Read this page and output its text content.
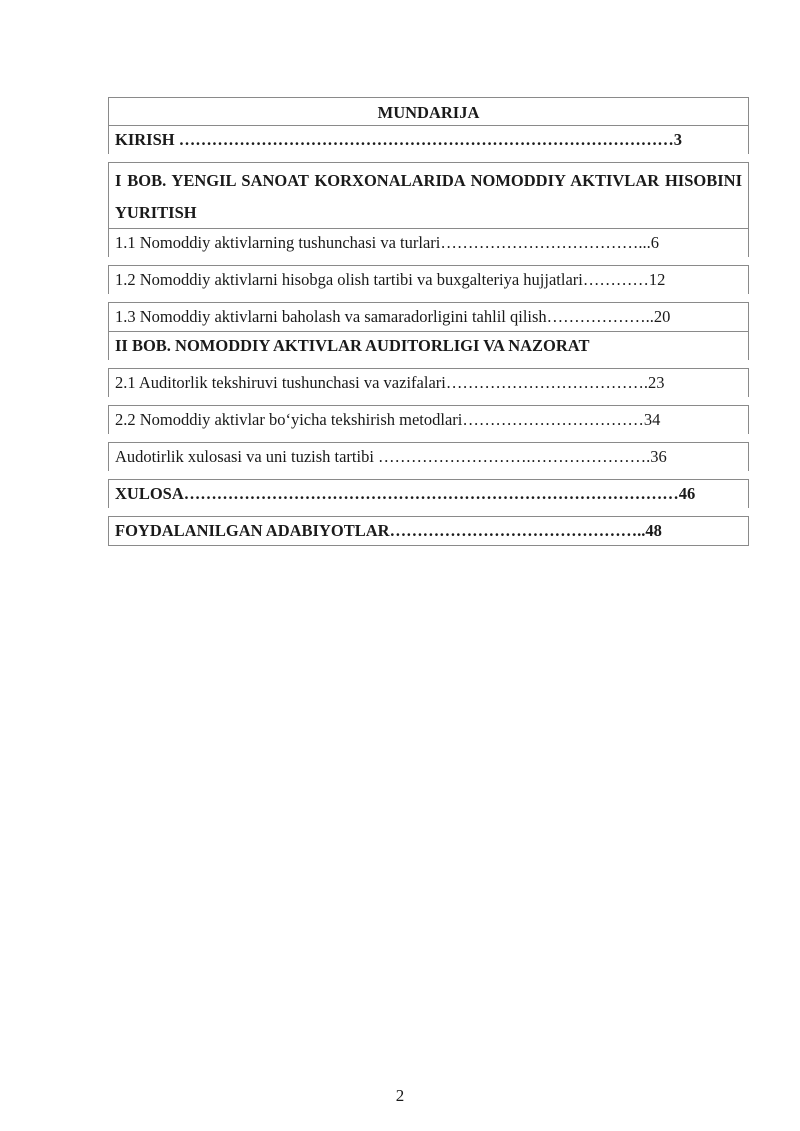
MUNDARIJA
KIRISH ………………………………………………………………………………3
I BOB. YENGIL SANOAT KORXONALARIDA NOMODDIY AKTIVLAR HISOBINI YURITISH
1.1 Nomoddiy aktivlarning tushunchasi va turlari………………………………...6
1.2 Nomoddiy aktivlarni hisobga olish tartibi va buxgalteriya hujjatlari…………12
1.3 Nomoddiy aktivlarni baholash va samaradorligini tahlil qilish………………..20
II BOB. NOMODDIY AKTIVLAR AUDITORLIGI VA NAZORAT
2.1 Auditorlik tekshiruvi tushunchasi va vazifalari……………………………….23
2.2 Nomoddiy aktivlar bo‘yicha tekshirish metodlari……………………………34
Audotirlik xulosasi va uni tuzish tartibi ……………………….………………….36
XULOSA………………………………………………………………………………46
FOYDALANILGAN ADABIYOTLAR………………………………………..48
2
